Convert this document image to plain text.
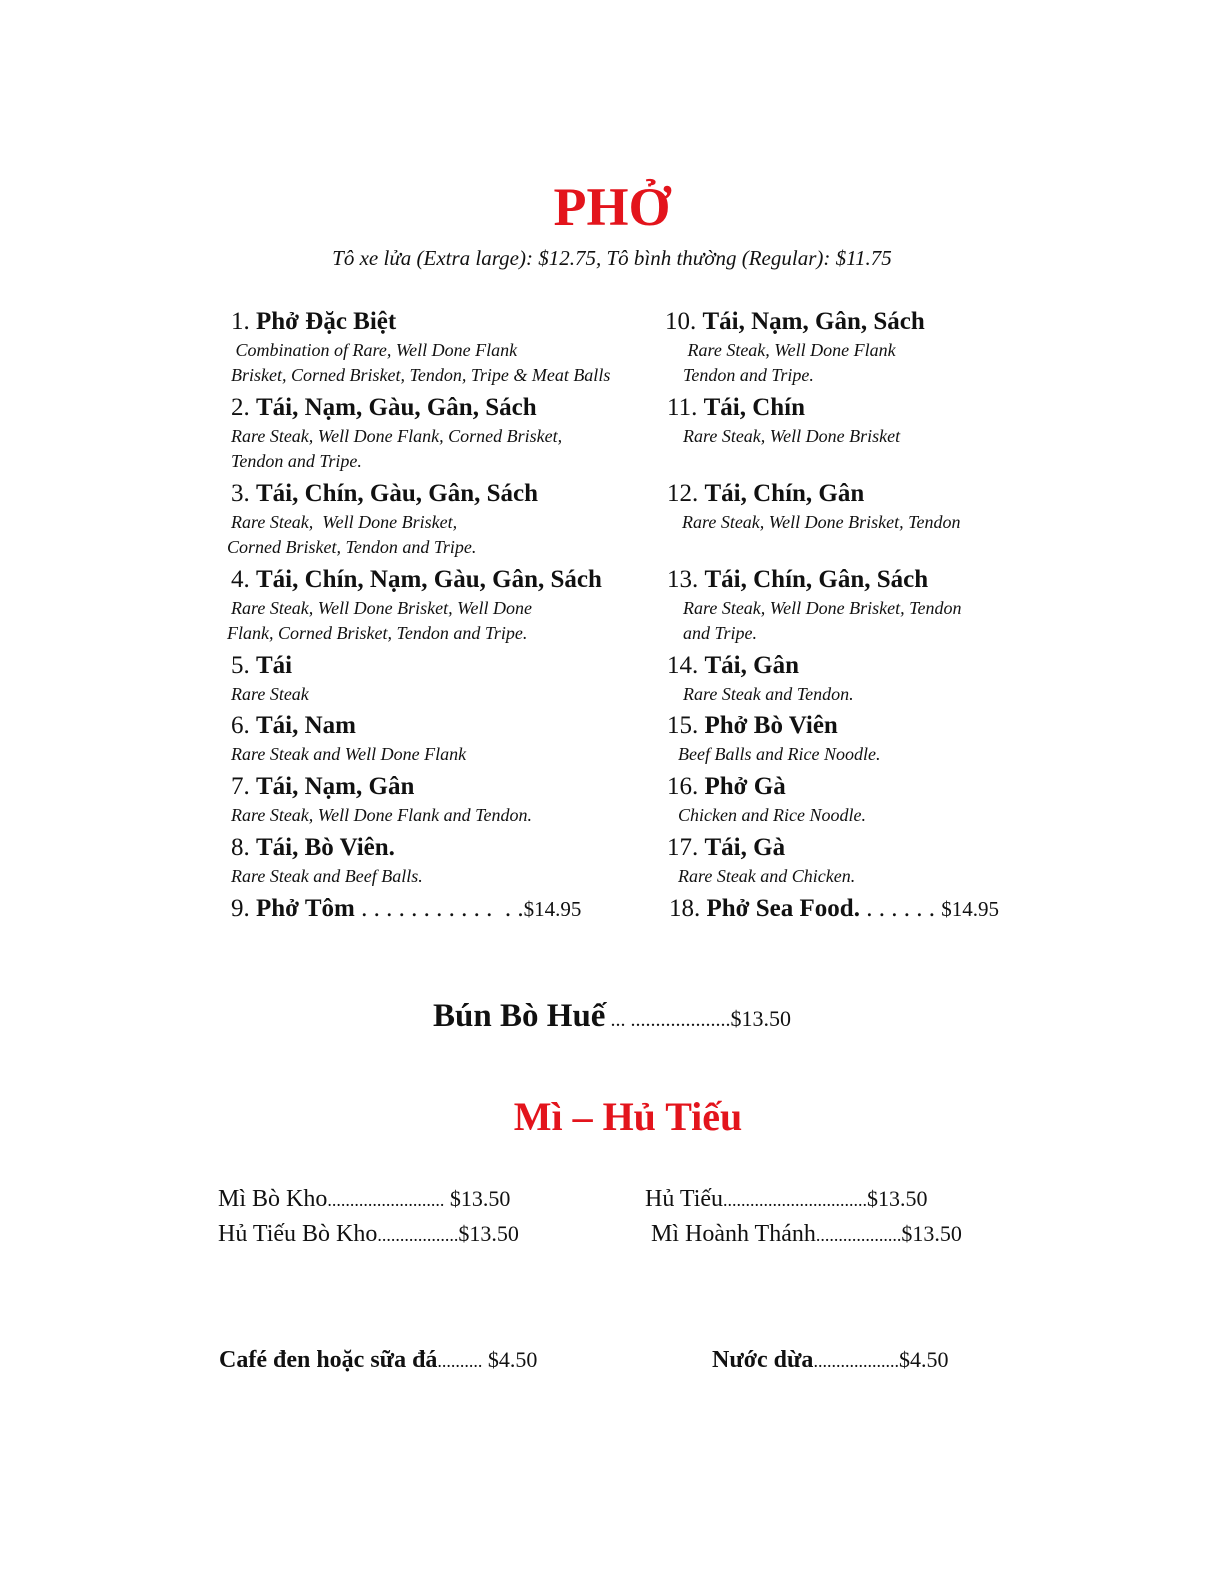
PHỞ
Tô xe lửa (Extra large): $12.75, Tô bình thường (Regular): $11.75
1. Phở Đặc Biệt
Combination of Rare, Well Done Flank
Brisket, Corned Brisket, Tendon, Tripe & Meat Balls
2. Tái, Nạm, Gàu, Gân, Sách
Rare Steak, Well Done Flank, Corned Brisket,
Tendon and Tripe.
3. Tái, Chín, Gàu, Gân, Sách
Rare Steak,  Well Done Brisket,
Corned Brisket, Tendon and Tripe.
4. Tái, Chín, Nạm, Gàu, Gân, Sách
Rare Steak, Well Done Brisket, Well Done
Flank, Corned Brisket, Tendon and Tripe.
5. Tái
Rare Steak
6. Tái, Nam
Rare Steak and Well Done Flank
7. Tái, Nạm, Gân
Rare Steak, Well Done Flank and Tendon.
8. Tái, Bò Viên.
Rare Steak and Beef Balls.
9. Phở Tôm . . . . . . . . . . .  . .$14.95
10. Tái, Nạm, Gân, Sách
Rare Steak, Well Done Flank
Tendon and Tripe.
11. Tái, Chín
Rare Steak, Well Done Brisket
12. Tái, Chín, Gân
Rare Steak, Well Done Brisket, Tendon
13. Tái, Chín, Gân, Sách
Rare Steak, Well Done Brisket, Tendon
and Tripe.
14. Tái, Gân
Rare Steak and Tendon.
15. Phở Bò Viên
Beef Balls and Rice Noodle.
16. Phở Gà
Chicken and Rice Noodle.
17. Tái, Gà
Rare Steak and Chicken.
18. Phở Sea Food. . . . . . . $14.95
Bún Bò Huế ... ....................$13.50
Mì – Hủ Tiếu
Mì Bò Kho.......................... $13.50
Hủ Tiếu Bò Kho..................$13.50
Hủ Tiếu................................$13.50
Mì Hoành Thánh...................$13.50
Café đen hoặc sữa đá.......... $4.50	Nước dừa...................$4.50
